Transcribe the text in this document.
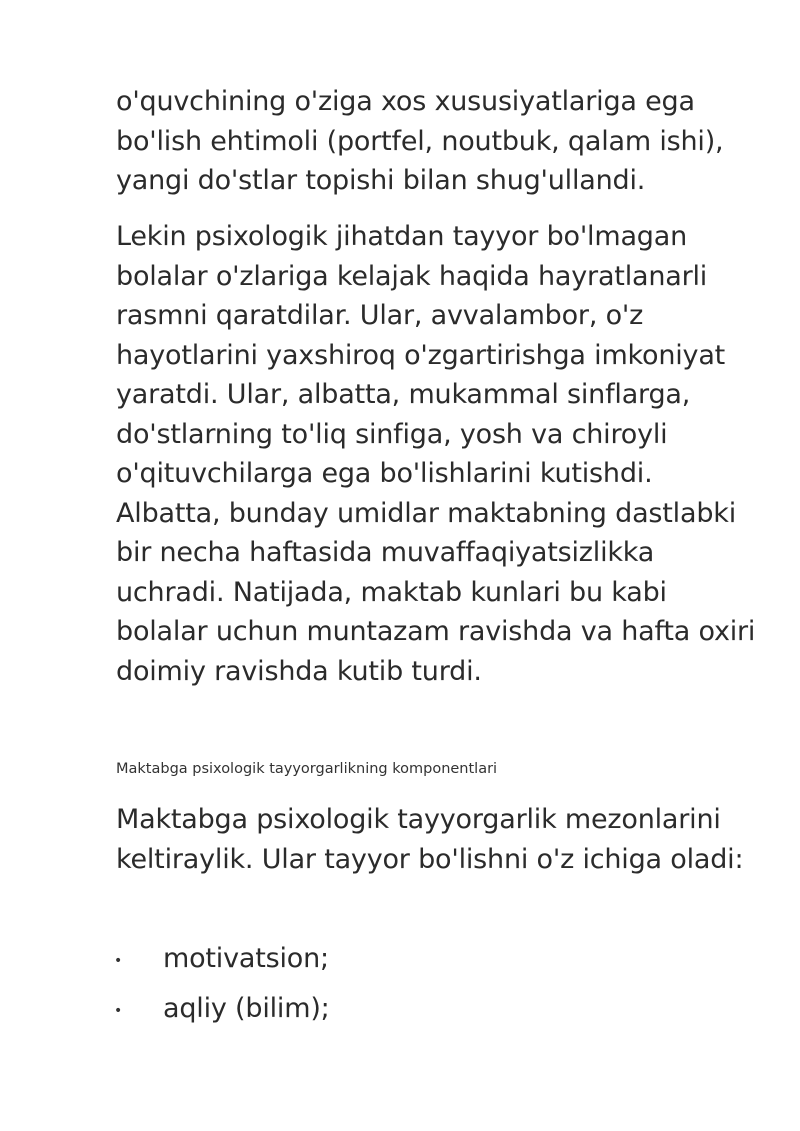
o'quvchining o'ziga xos xususiyatlariga ega bo'lish ehtimoli (portfel, noutbuk, qalam ishi), yangi do'stlar topishi bilan shug'ullandi.

Lekin psixologik jihatdan tayyor bo'lmagan bolalar o'zlariga kelajak haqida hayratlanarli rasmni qaratdilar. Ular, avvalambor, o'z hayotlarini yaxshiroq o'zgartirishga imkoniyat yaratdi. Ular, albatta, mukammal sinflarga, do'stlarning to'liq sinfiga, yosh va chiroyli o'qituvchilarga ega bo'lishlarini kutishdi. Albatta, bunday umidlar maktabning dastlabki bir necha haftasida muvaffaqiyatsizlikka uchradi. Natijada, maktab kunlari bu kabi bolalar uchun muntazam ravishda va hafta oxiri doimiy ravishda kutib turdi.

Maktabga psixologik tayyorgarlikning komponentlari

Maktabga psixologik tayyorgarlik mezonlarini keltiraylik. Ular tayyor bo'lishni o'z ichiga oladi:

• motivatsion;
• aqliy (bilim);
